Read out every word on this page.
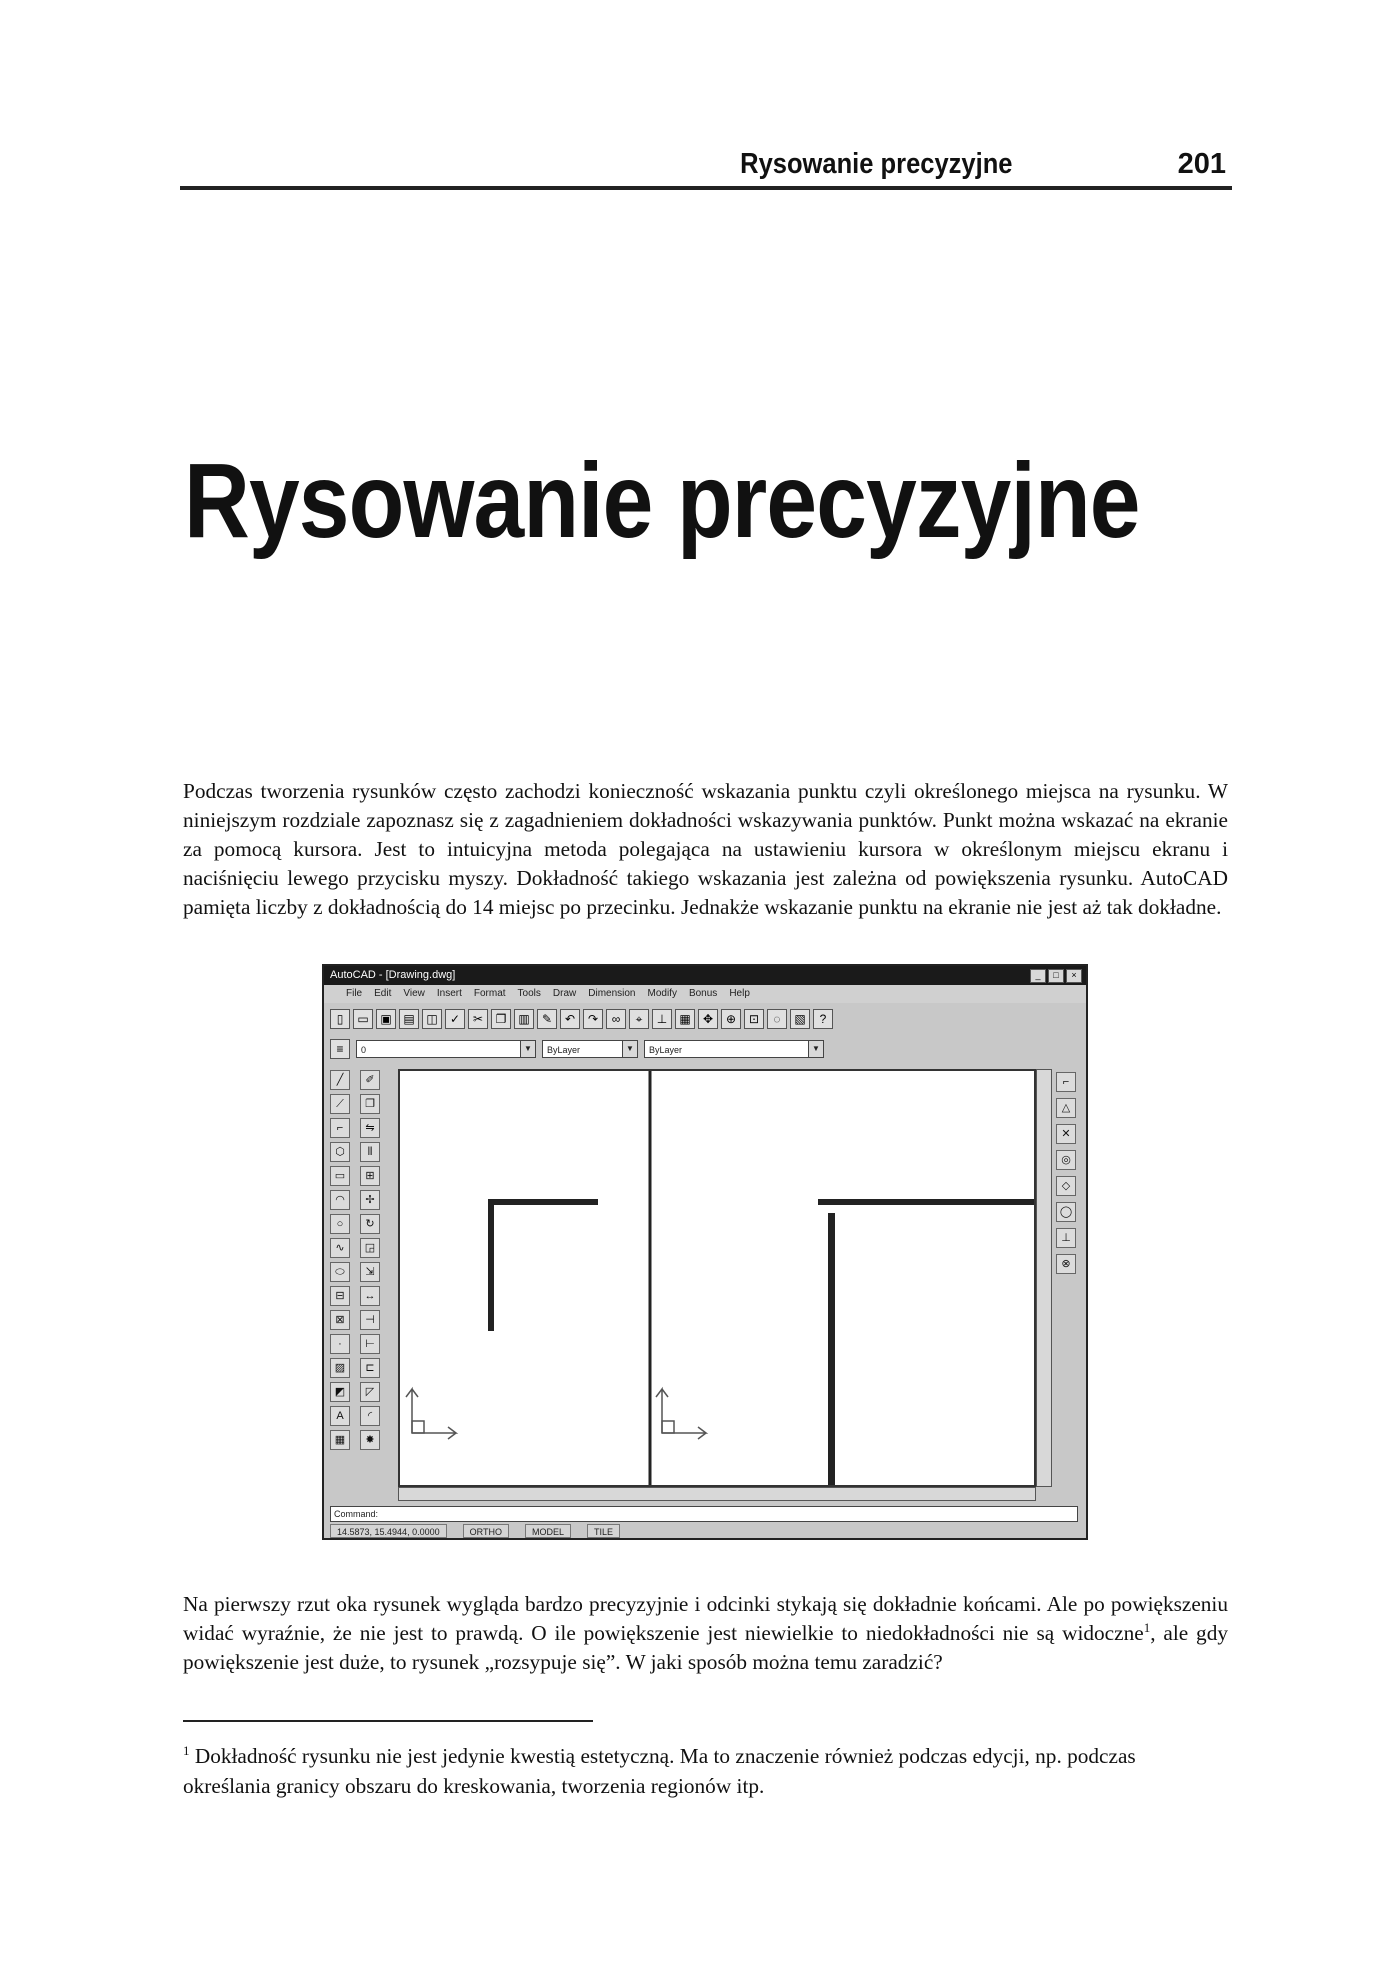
Rysowanie precyzyjne	201
Rysowanie precyzyjne

Podczas tworzenia rysunków często zachodzi konieczność wskazania punktu czyli określonego miejsca na rysunku. W niniejszym rozdziale zapoznasz się z zagadnieniem dokładności wskazywania punktów. Punkt można wskazać na ekranie za pomocą kursora. Jest to intuicyjna metoda polegająca na ustawieniu kursora w określonym miejscu ekranu i naciśnięciu lewego przycisku myszy. Dokładność takiego wskazania jest zależna od powiększenia rysunku. AutoCAD pamięta liczby z dokładnością do 14 miejsc po przecinku. Jednakże wskazanie punktu na ekranie nie jest aż tak dokładne.

AutoCAD - [Drawing.dwg]	_	□	×
File Edit View Insert Format Tools Draw Dimension Modify Bonus Help
▯	▭ ▣ ▤ ◫	✓	✂	❐ ▥	✎	↶	↷	∞	⌖	⊥	▦	✥	⊕	⊡	◌	▧	?
≡	0	▼	ByLayer	▼	ByLayer	▼
╱	✐
⟋	❐
⌐	⇋
⬡	⫴
▭	⊞
◠	✢
○	↻
∿	◲
⬭	⇲
⊟	↔
⊠	⊣
·	⊢
▨	⊏
◩	◸
A	◜
▦	✸
⌐
△
✕
◎
◇
◯
⊥
⊗
Command:
14.5873, 15.4944, 0.0000	ORTHO	MODEL	TILE

Na pierwszy rzut oka rysunek wygląda bardzo precyzyjnie i odcinki stykają się dokładnie końcami. Ale po powiększeniu widać wyraźnie, że nie jest to prawdą. O ile powiększenie jest niewielkie to niedokładności nie są widoczne$^1$, ale gdy powiększenie jest duże, to rysunek „rozsypuje się”. W jaki sposób można temu zaradzić?

$^1$ Dokładność rysunku nie jest jedynie kwestią estetyczną. Ma to znaczenie również podczas edycji, np. podczas określania granicy obszaru do kreskowania, tworzenia regionów itp.
